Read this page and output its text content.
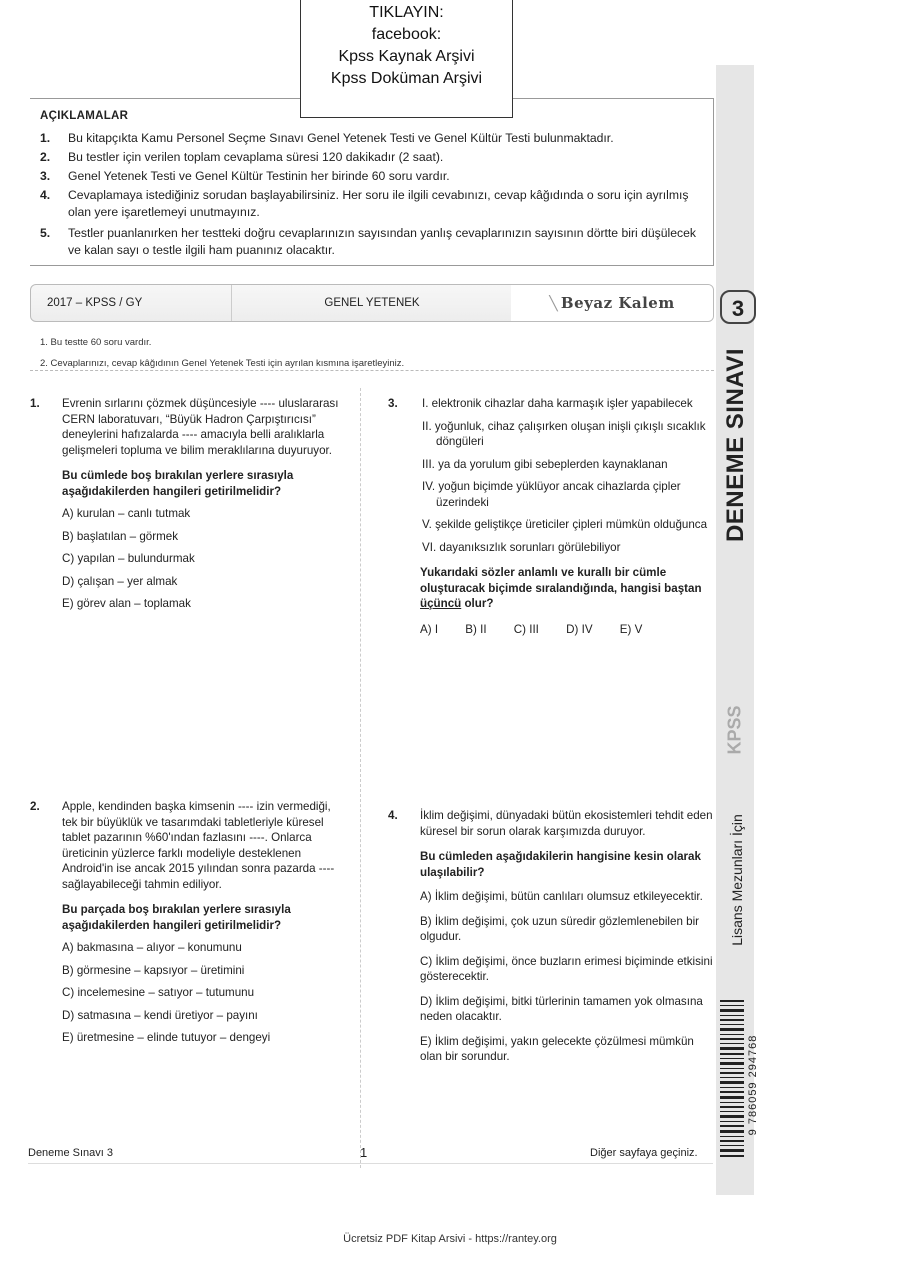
TIKLAYIN:
facebook:
Kpss Kaynak Arşivi
Kpss Doküman Arşivi
AÇIKLAMALAR
1. Bu kitapçıkta Kamu Personel Seçme Sınavı Genel Yetenek Testi ve Genel Kültür Testi bulunmaktadır.
2. Bu testler için verilen toplam cevaplama süresi 120 dakikadır (2 saat).
3. Genel Yetenek Testi ve Genel Kültür Testinin her birinde 60 soru vardır.
4. Cevaplamaya istediğiniz sorudan başlayabilirsiniz. Her soru ile ilgili cevabınızı, cevap kâğıdında o soru için ayrılmış olan yere işaretlemeyi unutmayınız.
5. Testler puanlanırken her testteki doğru cevaplarınızın sayısından yanlış cevaplarınızın sayısının dörtte biri düşülecek ve kalan sayı o testle ilgili ham puanınız olacaktır.
2017 – KPSS / GY	GENEL YETENEK	╲ Beyaz Kalem	3
1. Bu testte 60 soru vardır.
2. Cevaplarınızı, cevap kâğıdının Genel Yetenek Testi için ayrılan kısmına işaretleyiniz.	DENEME SINAVI
KPSS
Lisans Mezunları İçin
9 786059 294768
1. Evrenin sırlarını çözmek düşüncesiyle ---- uluslararası CERN laboratuvarı, “Büyük Hadron Çarpıştırıcısı” deneylerini hafızalarda ---- amacıyla belli aralıklarla gelişmeleri topluma ve bilim meraklılarına duyuruyor.
Bu cümlede boş bırakılan yerlere sırasıyla aşağıdakilerden hangileri getirilmelidir?
A) kurulan – canlı tutmak
B) başlatılan – görmek
C) yapılan – bulundurmak
D) çalışan – yer almak
E) görev alan – toplamak
2. Apple, kendinden başka kimsenin ---- izin vermediği, tek bir büyüklük ve tasarımdaki tabletleriyle küresel tablet pazarının %60'ından fazlasını ----. Onlarca üreticinin yüzlerce farklı modeliyle desteklenen Android'in ise ancak 2015 yılından sonra pazarda ---- sağlayabileceği tahmin ediliyor.
Bu parçada boş bırakılan yerlere sırasıyla aşağıdakilerden hangileri getirilmelidir?
A) bakmasına – alıyor – konumunu
B) görmesine – kapsıyor – üretimini
C) incelemesine – satıyor – tutumunu
D) satmasına – kendi üretiyor – payını
E) üretmesine – elinde tutuyor – dengeyi
3. I. elektronik cihazlar daha karmaşık işler yapabilecek
II. yoğunluk, cihaz çalışırken oluşan inişli çıkışlı sıcaklık döngüleri
III. ya da yorulum gibi sebeplerden kaynaklanan
IV. yoğun biçimde yüklüyor ancak cihazlarda çipler üzerindeki
V. şekilde geliştikçe üreticiler çipleri mümkün olduğunca
VI. dayanıksızlık sorunları görülebiliyor
Yukarıdaki sözler anlamlı ve kurallı bir cümle oluşturacak biçimde sıralandığında, hangisi baştan üçüncü olur?
A) I B) II C) III D) IV E) V
4. İklim değişimi, dünyadaki bütün ekosistemleri tehdit eden küresel bir sorun olarak karşımızda duruyor.
Bu cümleden aşağıdakilerin hangisine kesin olarak ulaşılabilir?
A) İklim değişimi, bütün canlıları olumsuz etkileyecektir.
B) İklim değişimi, çok uzun süredir gözlemlenebilen bir olgudur.
C) İklim değişimi, önce buzların erimesi biçiminde etkisini gösterecektir.
D) İklim değişimi, bitki türlerinin tamamen yok olmasına neden olacaktır.
E) İklim değişimi, yakın gelecekte çözülmesi mümkün olan bir sorundur.
Deneme Sınavı 3	1	Diğer sayfaya geçiniz.
Ücretsiz PDF Kitap Arsivi - https://rantey.org
